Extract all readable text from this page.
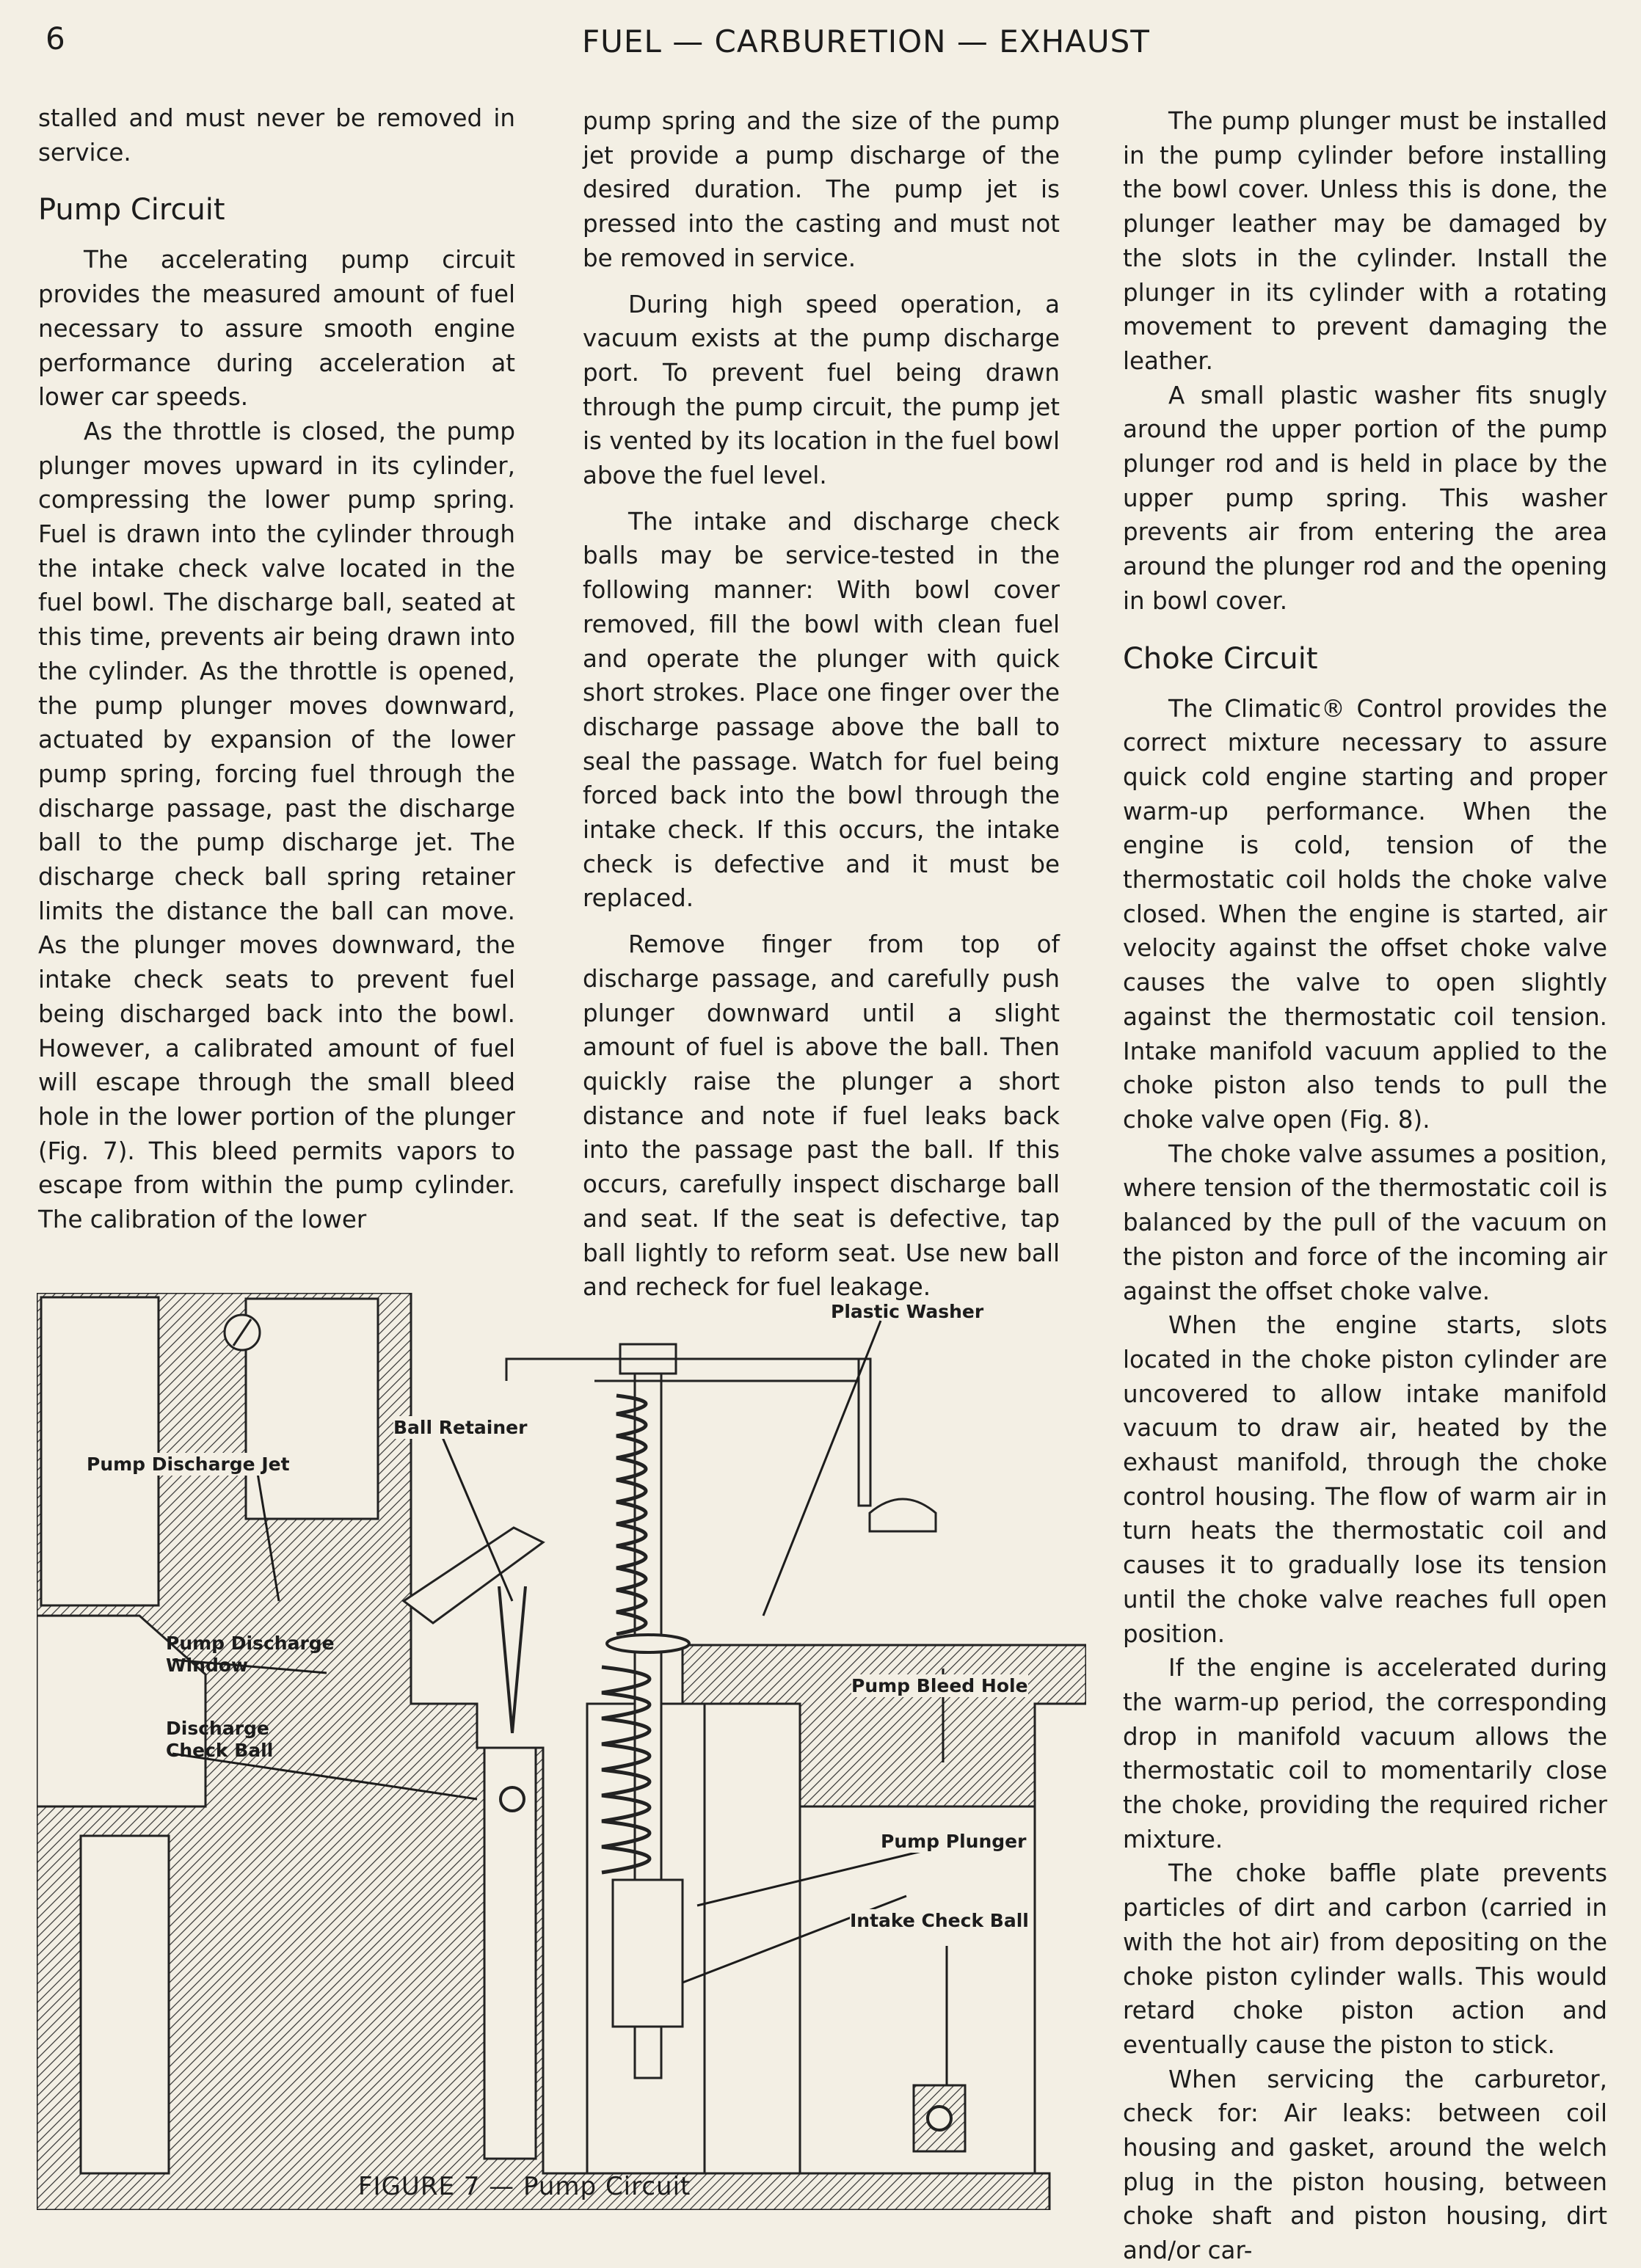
6	FUEL — CARBURETION — EXHAUST

stalled and must never be removed in service.

Pump Circuit

The accelerating pump circuit provides the measured amount of fuel necessary to assure smooth engine performance during acceleration at lower car speeds.

As the throttle is closed, the pump plunger moves upward in its cylinder, compressing the lower pump spring. Fuel is drawn into the cylinder through the intake check valve located in the fuel bowl. The discharge ball, seated at this time, prevents air being drawn into the cylinder. As the throttle is opened, the pump plunger moves downward, actuated by expansion of the lower pump spring, forcing fuel through the discharge passage, past the discharge ball to the pump discharge jet. The discharge check ball spring retainer limits the distance the ball can move. As the plunger moves downward, the intake check seats to prevent fuel being discharged back into the bowl. However, a calibrated amount of fuel will escape through the small bleed hole in the lower portion of the plunger (Fig. 7). This bleed permits vapors to escape from within the pump cylinder. The calibration of the lower

pump spring and the size of the pump jet provide a pump discharge of the desired duration. The pump jet is pressed into the casting and must not be removed in service.

During high speed operation, a vacuum exists at the pump discharge port. To prevent fuel being drawn through the pump circuit, the pump jet is vented by its location in the fuel bowl above the fuel level.

The intake and discharge check balls may be service-tested in the following manner: With bowl cover removed, fill the bowl with clean fuel and operate the plunger with quick short strokes. Place one finger over the discharge passage above the ball to seal the passage. Watch for fuel being forced back into the bowl through the intake check. If this occurs, the intake check is defective and it must be replaced.

Remove finger from top of discharge passage, and carefully push plunger downward until a slight amount of fuel is above the ball. Then quickly raise the plunger a short distance and note if fuel leaks back into the passage past the ball. If this occurs, carefully inspect discharge ball and seat. If the seat is defective, tap ball lightly to reform seat. Use new ball and recheck for fuel leakage.

The pump plunger must be installed in the pump cylinder before installing the bowl cover. Unless this is done, the plunger leather may be damaged by the slots in the cylinder. Install the plunger in its cylinder with a rotating movement to prevent damaging the leather.

A small plastic washer fits snugly around the upper portion of the pump plunger rod and is held in place by the upper pump spring. This washer prevents air from entering the area around the plunger rod and the opening in bowl cover.

Choke Circuit

The Climatic® Control provides the correct mixture necessary to assure quick cold engine starting and proper warm-up performance. When the engine is cold, tension of the thermostatic coil holds the choke valve closed. When the engine is started, air velocity against the offset choke valve causes the valve to open slightly against the thermostatic coil tension. Intake manifold vacuum applied to the choke piston also tends to pull the choke valve open (Fig. 8).

The choke valve assumes a position, where tension of the thermostatic coil is balanced by the pull of the vacuum on the piston and force of the incoming air against the offset choke valve.

When the engine starts, slots located in the choke piston cylinder are uncovered to allow intake manifold vacuum to draw air, heated by the exhaust manifold, through the choke control housing. The flow of warm air in turn heats the thermostatic coil and causes it to gradually lose its tension until the choke valve reaches full open position.

If the engine is accelerated during the warm-up period, the corresponding drop in manifold vacuum allows the thermostatic coil to momentarily close the choke, providing the required richer mixture.

The choke baffle plate prevents particles of dirt and carbon (carried in with the hot air) from depositing on the choke piston cylinder walls. This would retard choke piston action and eventually cause the piston to stick.

When servicing the carburetor, check for: Air leaks: between coil housing and gasket, around the welch plug in the piston housing, between choke shaft and piston housing, dirt and/or car-

Plastic Washer
Ball Retainer
Pump Discharge Jet
Pump Discharge
Window
Discharge
Check Ball
Pump Bleed Hole
Pump Plunger
Intake Check Ball
FIGURE 7 — Pump Circuit
